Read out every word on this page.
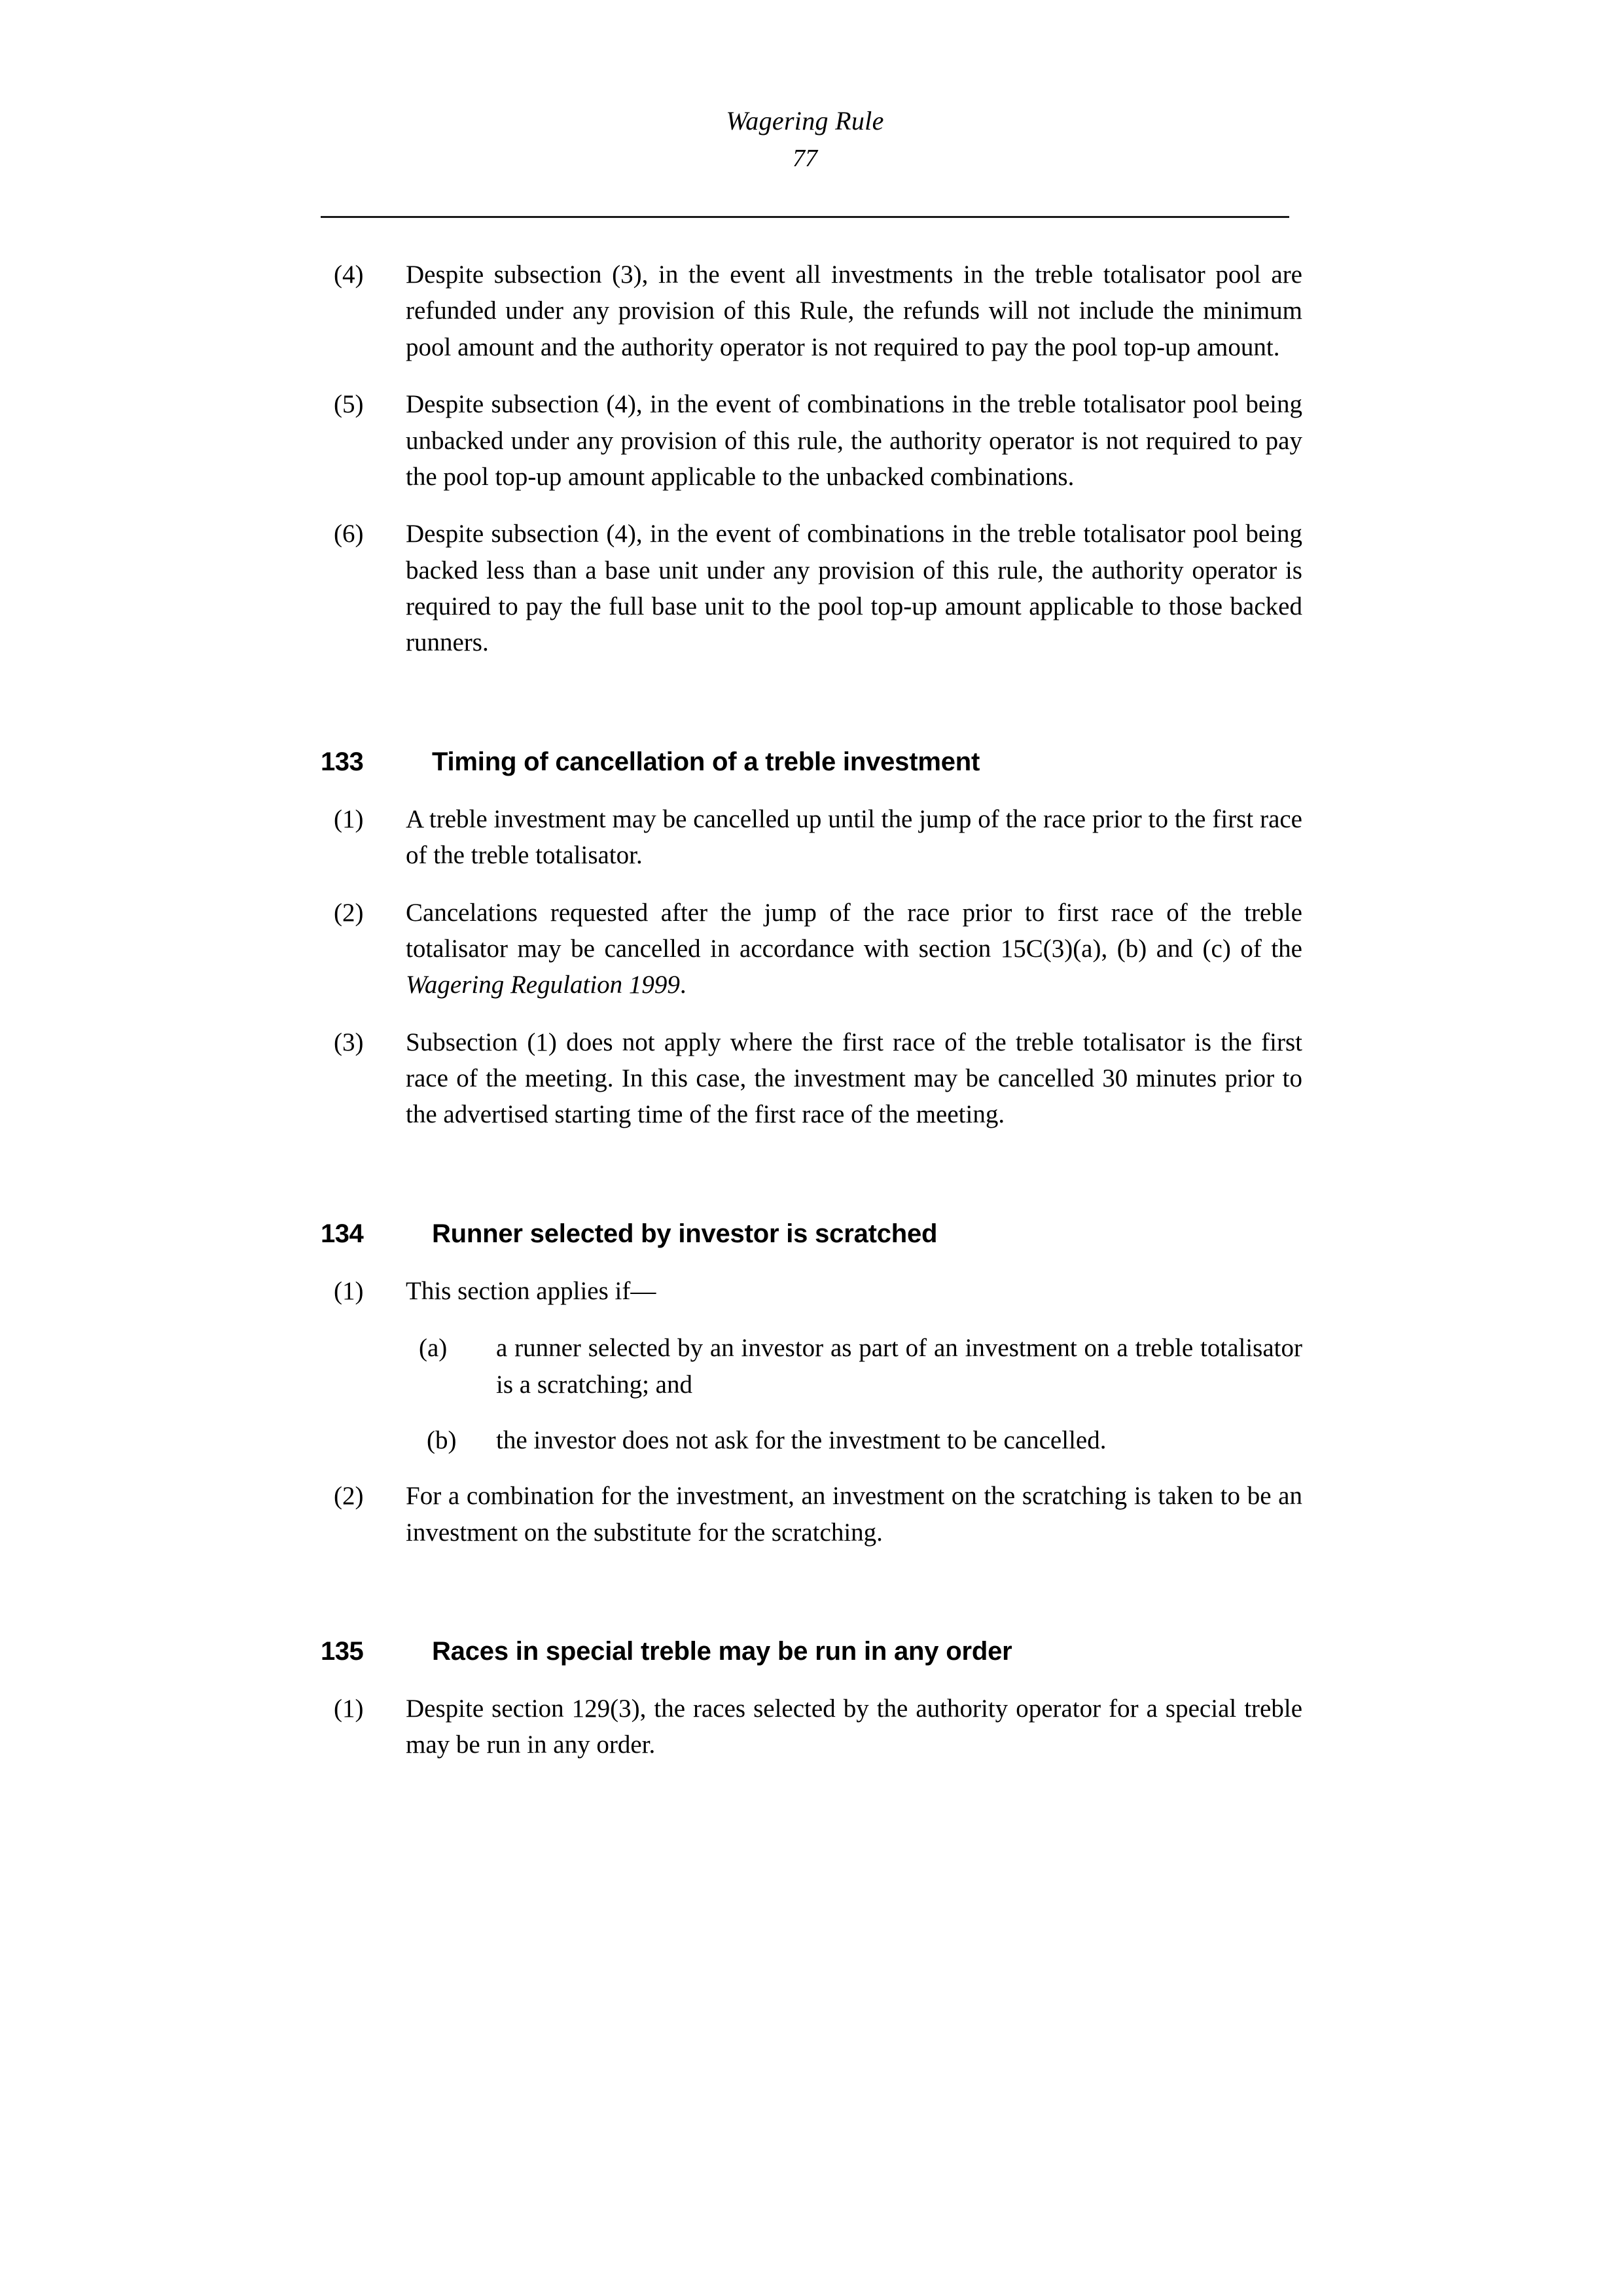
Wagering Rule
77
(4)	Despite subsection (3), in the event all investments in the treble totalisator pool are refunded under any provision of this Rule, the refunds will not include the minimum pool amount and the authority operator is not required to pay the pool top-up amount.
(5)	Despite subsection (4), in the event of combinations in the treble totalisator pool being unbacked under any provision of this rule, the authority operator is not required to pay the pool top-up amount applicable to the unbacked combinations.
(6)	Despite subsection (4), in the event of combinations in the treble totalisator pool being backed less than a base unit under any provision of this rule, the authority operator is required to pay the full base unit to the pool top-up amount applicable to those backed runners.
133	Timing of cancellation of a treble investment
(1)	A treble investment may be cancelled up until the jump of the race prior to the first race of the treble totalisator.
(2)	Cancelations requested after the jump of the race prior to first race of the treble totalisator may be cancelled in accordance with section 15C(3)(a), (b) and (c) of the Wagering Regulation 1999.
(3)	Subsection (1) does not apply where the first race of the treble totalisator is the first race of the meeting. In this case, the investment may be cancelled 30 minutes prior to the advertised starting time of the first race of the meeting.
134	Runner selected by investor is scratched
(1)	This section applies if—
(a)	a runner selected by an investor as part of an investment on a treble totalisator is a scratching; and
(b)	the investor does not ask for the investment to be cancelled.
(2)	For a combination for the investment, an investment on the scratching is taken to be an investment on the substitute for the scratching.
135	Races in special treble may be run in any order
(1)	Despite section 129(3), the races selected by the authority operator for a special treble may be run in any order.
